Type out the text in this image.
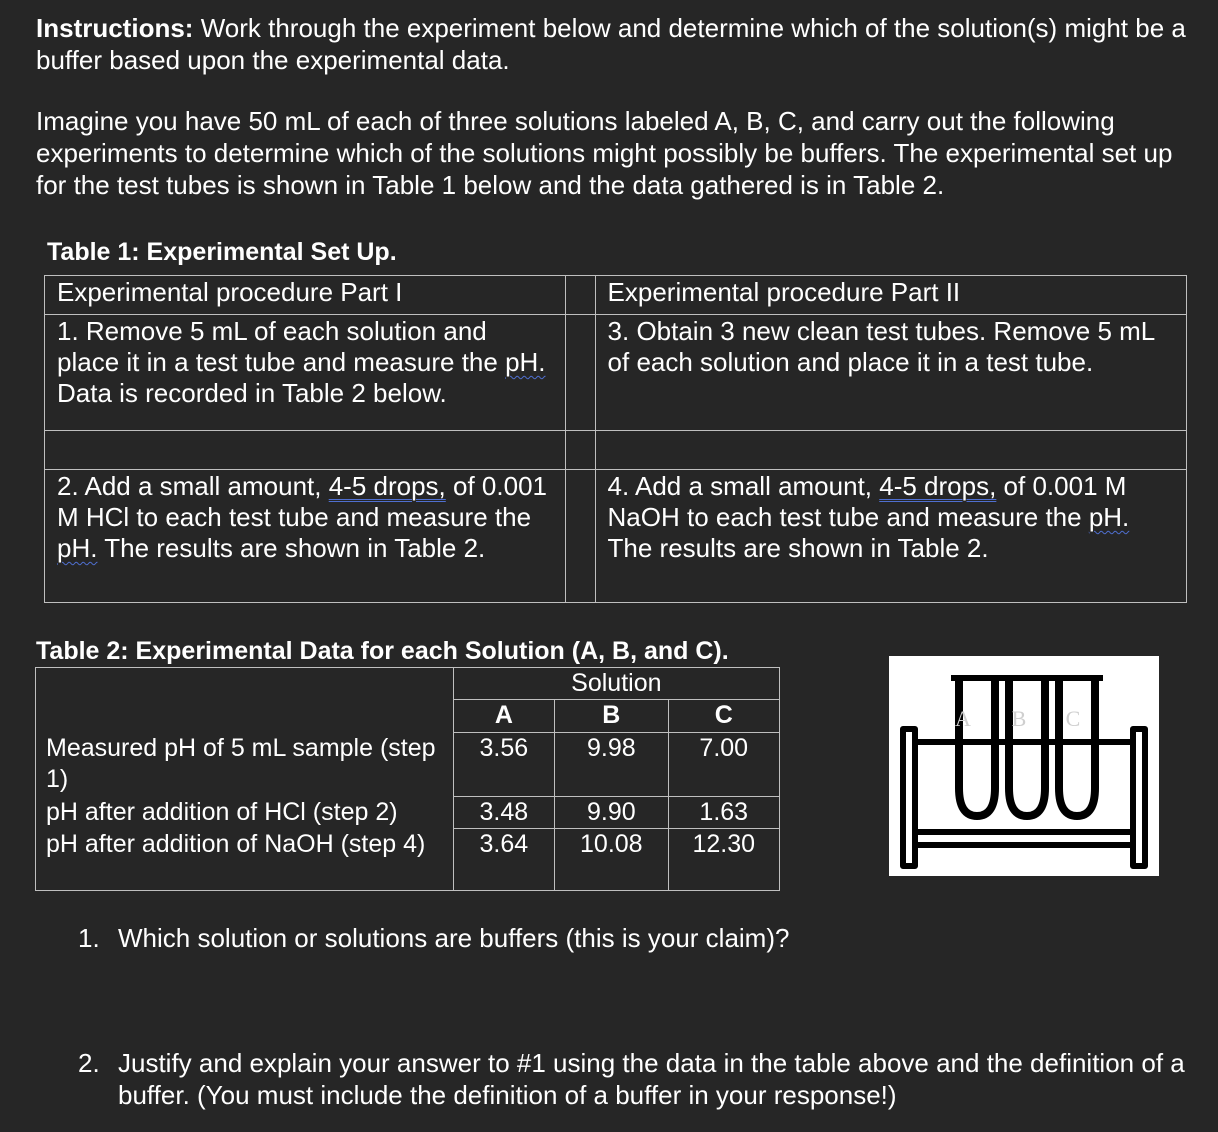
Instructions: Work through the experiment below and determine which of the solution(s) might be a buffer based upon the experimental data.
Imagine you have 50 mL of each of three solutions labeled A, B, C, and carry out the following experiments to determine which of the solutions might possibly be buffers. The experimental set up for the test tubes is shown in Table 1 below and the data gathered is in Table 2.
Table 1: Experimental Set Up.
Experimental procedure Part I		Experimental procedure Part II
1. Remove 5 mL of each solution and place it in a test tube and measure the pH. Data is recorded in Table 2 below.		3. Obtain 3 new clean test tubes. Remove 5 mL of each solution and place it in a test tube.

2. Add a small amount, 4-5 drops, of 0.001 M HCl to each test tube and measure the pH. The results are shown in Table 2.		4. Add a small amount, 4-5 drops, of 0.001 M NaOH to each test tube and measure the pH. The results are shown in Table 2.
Table 2: Experimental Data for each Solution (A, B, and C).
	Solution		
	A	B	C
Measured pH of 5 mL sample (step 1)	3.56	9.98	7.00
pH after addition of HCl (step 2)	3.48	9.90	1.63
pH after addition of NaOH (step 4)	3.64	10.08	12.30
A B C
1. Which solution or solutions are buffers (this is your claim)?
2. Justify and explain your answer to #1 using the data in the table above and the definition of a buffer. (You must include the definition of a buffer in your response!)
